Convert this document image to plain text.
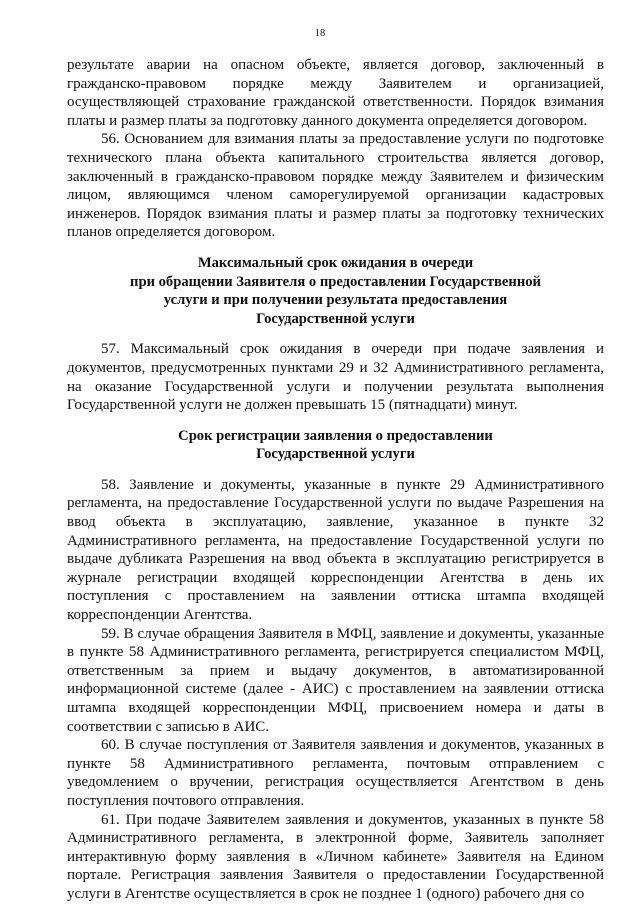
18

результате аварии на опасном объекте, является договор, заключенный в гражданско-правовом порядке между Заявителем и организацией, осуществляющей страхование гражданской ответственности. Порядок взимания платы и размер платы за подготовку данного документа определяется договором.

56. Основанием для взимания платы за предоставление услуги по подготовке технического плана объекта капитального строительства является договор, заключенный в гражданско-правовом порядке между Заявителем и физическим лицом, являющимся членом саморегулируемой организации кадастровых инженеров. Порядок взимания платы и размер платы за подготовку технических планов определяется договором.

Максимальный срок ожидания в очереди
при обращении Заявителя о предоставлении Государственной
услуги и при получении результата предоставления
Государственной услуги

57. Максимальный срок ожидания в очереди при подаче заявления и документов, предусмотренных пунктами 29 и 32 Административного регламента, на оказание Государственной услуги и получении результата выполнения Государственной услуги не должен превышать 15 (пятнадцати) минут.

Срок регистрации заявления о предоставлении
Государственной услуги

58. Заявление и документы, указанные в пункте 29 Административного регламента, на предоставление Государственной услуги по выдаче Разрешения на ввод объекта в эксплуатацию, заявление, указанное в пункте 32 Административного регламента, на предоставление Государственной услуги по выдаче дубликата Разрешения на ввод объекта в эксплуатацию регистрируется в журнале регистрации входящей корреспонденции Агентства в день их поступления с проставлением на заявлении оттиска штампа входящей корреспонденции Агентства.

59. В случае обращения Заявителя в МФЦ, заявление и документы, указанные в пункте 58 Административного регламента, регистрируется специалистом МФЦ, ответственным за прием и выдачу документов, в автоматизированной информационной системе (далее - АИС) с проставлением на заявлении оттиска штампа входящей корреспонденции МФЦ, присвоением номера и даты в соответствии с записью в АИС.

60. В случае поступления от Заявителя заявления и документов, указанных в пункте 58 Административного регламента, почтовым отправлением с уведомлением о вручении, регистрация осуществляется Агентством в день поступления почтового отправления.

61. При подаче Заявителем заявления и документов, указанных в пункте 58 Административного регламента, в электронной форме, Заявитель заполняет интерактивную форму заявления в «Личном кабинете» Заявителя на Едином портале. Регистрация заявления Заявителя о предоставлении Государственной услуги в Агентстве осуществляется в срок не позднее 1 (одного) рабочего дня со
